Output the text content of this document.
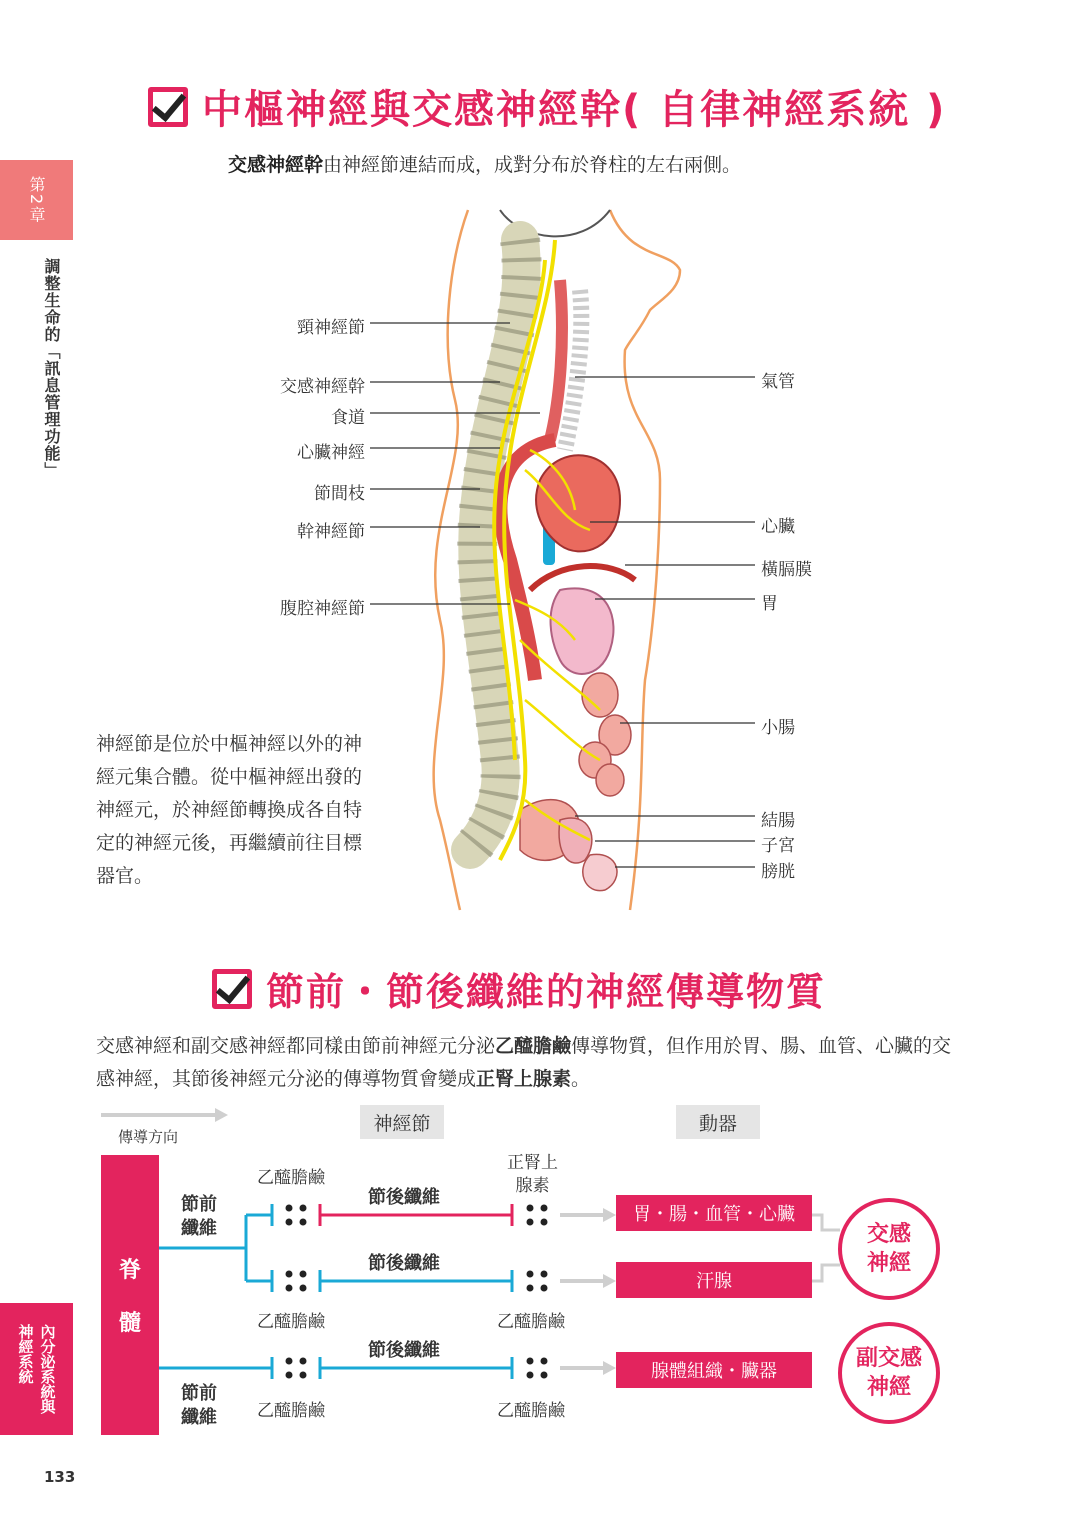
第2章
調整生命的「訊息管理功能」
內分泌系統與
神經系統
133
中樞神經與交感神經幹( 自律神經系統 )
交感神經幹由神經節連結而成，成對分布於脊柱的左右兩側。
頸神經節
交感神經幹
食道
心臟神經
節間枝
幹神經節
腹腔神經節
氣管
心臟
橫膈膜
胃
小腸
結腸
子宮
膀胱
神經節是位於中樞神經以外的神經元集合體。從中樞神經出發的神經元，於神經節轉換成各自特定的神經元後，再繼續前往目標器官。
節前・節後纖維的神經傳導物質
交感神經和副交感神經都同樣由節前神經元分泌乙醯膽鹼傳導物質，但作用於胃、腸、血管、心臟的交感神經，其節後神經元分泌的傳導物質會變成正腎上腺素。
傳導方向
神經節	動器
脊
髓
節前
纖維
節前
纖維
乙醯膽鹼
乙醯膽鹼
乙醯膽鹼
乙醯膽鹼
乙醯膽鹼
正腎上
腺素
節後纖維
節後纖維
節後纖維
胃・腸・血管・心臟
汗腺
腺體組織・臟器
交感
神經
副交感
神經
